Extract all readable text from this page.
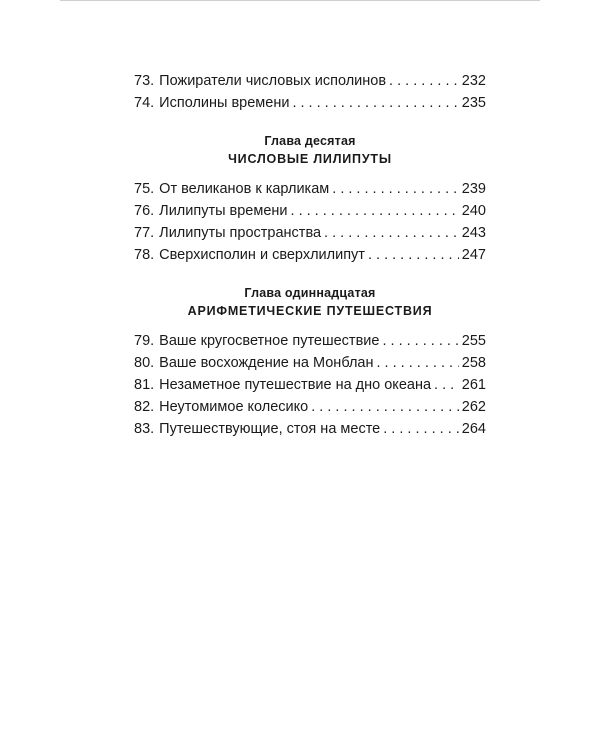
73. Пожиратели числовых исполинов . . .	232
74. Исполины времени . . .	235
Глава десятая
ЧИСЛОВЫЕ ЛИЛИПУТЫ
75. От великанов к карликам . . .	239
76. Лилипуты времени . . .	240
77. Лилипуты пространства . . .	243
78. Сверхисполин и сверхлилипут . . .	247
Глава одиннадцатая
АРИФМЕТИЧЕСКИЕ ПУТЕШЕСТВИЯ
79. Ваше кругосветное путешествие . . .	255
80. Ваше восхождение на Монблан . . .	258
81. Незаметное путешествие на дно океана . . . 261
82. Неутомимое колесико . . .	262
83. Путешествующие, стоя на месте . . .	264
